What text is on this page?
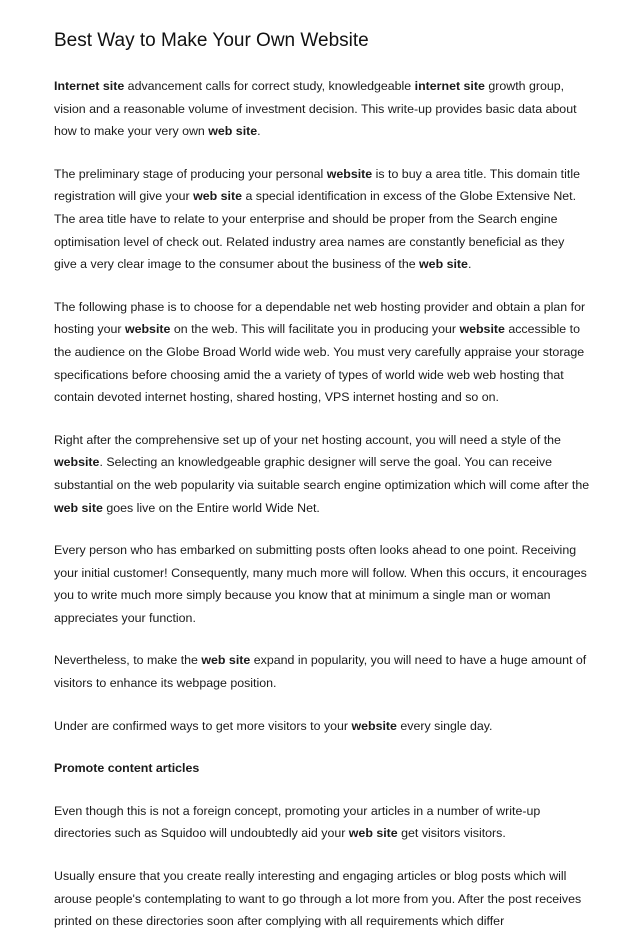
Best Way to Make Your Own Website

Internet site advancement calls for correct study, knowledgeable internet site growth group, vision and a reasonable volume of investment decision. This write-up provides basic data about how to make your very own web site.

The preliminary stage of producing your personal website is to buy a area title. This domain title registration will give your web site a special identification in excess of the Globe Extensive Net. The area title have to relate to your enterprise and should be proper from the Search engine optimisation level of check out. Related industry area names are constantly beneficial as they give a very clear image to the consumer about the business of the web site.

The following phase is to choose for a dependable net web hosting provider and obtain a plan for hosting your website on the web. This will facilitate you in producing your website accessible to the audience on the Globe Broad World wide web. You must very carefully appraise your storage specifications before choosing amid the a variety of types of world wide web web hosting that contain devoted internet hosting, shared hosting, VPS internet hosting and so on.

Right after the comprehensive set up of your net hosting account, you will need a style of the website. Selecting an knowledgeable graphic designer will serve the goal. You can receive substantial on the web popularity via suitable search engine optimization which will come after the web site goes live on the Entire world Wide Net.

Every person who has embarked on submitting posts often looks ahead to one point. Receiving your initial customer! Consequently, many much more will follow. When this occurs, it encourages you to write much more simply because you know that at minimum a single man or woman appreciates your function.

Nevertheless, to make the web site expand in popularity, you will need to have a huge amount of visitors to enhance its webpage position.

Under are confirmed ways to get more visitors to your website every single day.

Promote content articles

Even though this is not a foreign concept, promoting your articles in a number of write-up directories such as Squidoo will undoubtedly aid your web site get visitors visitors.

Usually ensure that you create really interesting and engaging articles or blog posts which will arouse people's contemplating to want to go through a lot more from you. After the post receives printed on these directories soon after complying with all requirements which differ
